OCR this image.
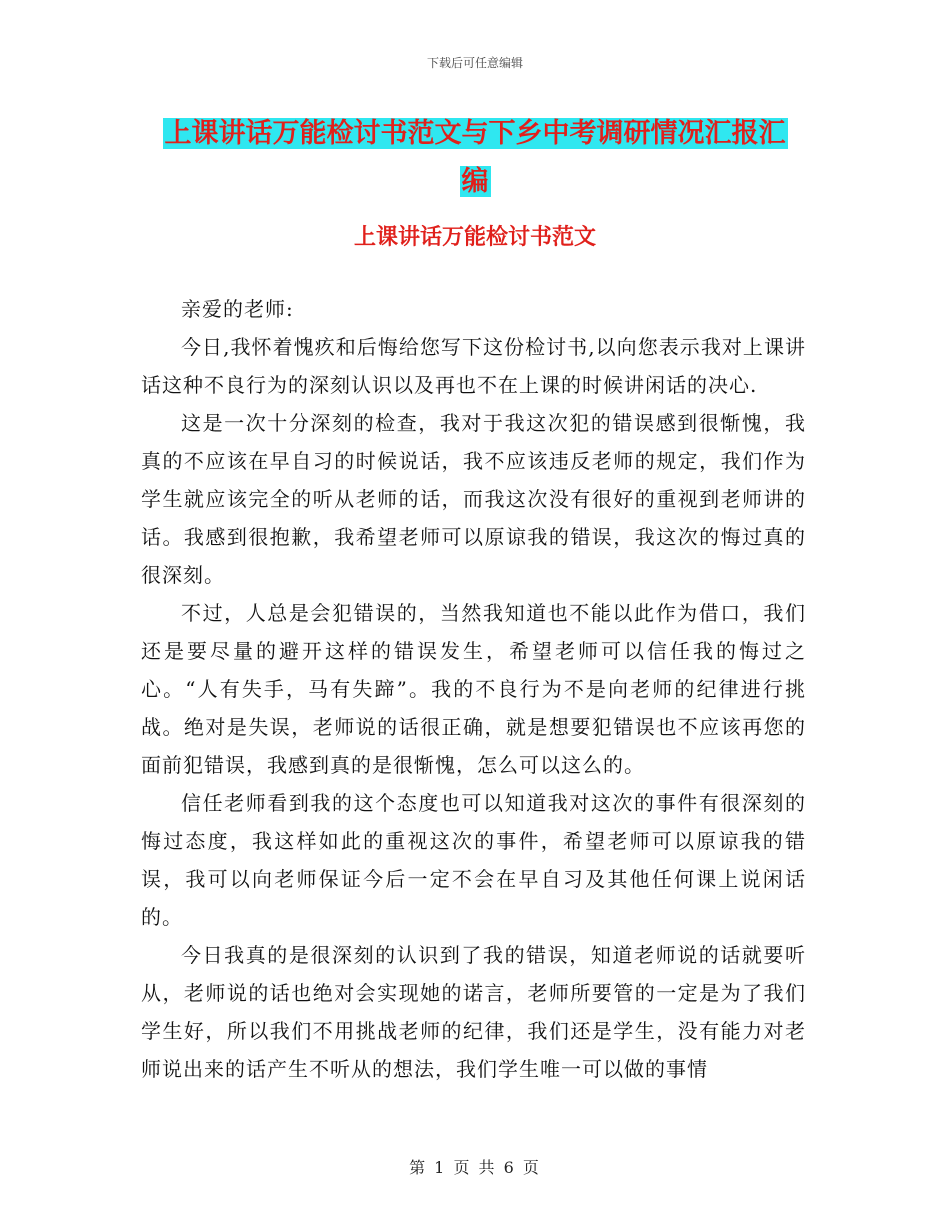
下载后可任意编辑
上课讲话万能检讨书范文与下乡中考调研情况汇报汇
编
上课讲话万能检讨书范文

亲爱的老师:

今日,我怀着愧疚和后悔给您写下这份检讨书,以向您表示我对上课讲话这种不良行为的深刻认识以及再也不在上课的时候讲闲话的决心.

这是一次十分深刻的检查，我对于我这次犯的错误感到很惭愧，我真的不应该在早自习的时候说话，我不应该违反老师的规定，我们作为学生就应该完全的听从老师的话，而我这次没有很好的重视到老师讲的话。我感到很抱歉，我希望老师可以原谅我的错误，我这次的悔过真的很深刻。

不过，人总是会犯错误的，当然我知道也不能以此作为借口，我们还是要尽量的避开这样的错误发生，希望老师可以信任我的悔过之心。“人有失手，马有失蹄”。我的不良行为不是向老师的纪律进行挑战。绝对是失误，老师说的话很正确，就是想要犯错误也不应该再您的面前犯错误，我感到真的是很惭愧，怎么可以这么的。

信任老师看到我的这个态度也可以知道我对这次的事件有很深刻的悔过态度，我这样如此的重视这次的事件，希望老师可以原谅我的错误，我可以向老师保证今后一定不会在早自习及其他任何课上说闲话的。

今日我真的是很深刻的认识到了我的错误，知道老师说的话就要听从，老师说的话也绝对会实现她的诺言，老师所要管的一定是为了我们学生好，所以我们不用挑战老师的纪律，我们还是学生，没有能力对老师说出来的话产生不听从的想法，我们学生唯一可以做的事情

第 1 页 共 6 页
